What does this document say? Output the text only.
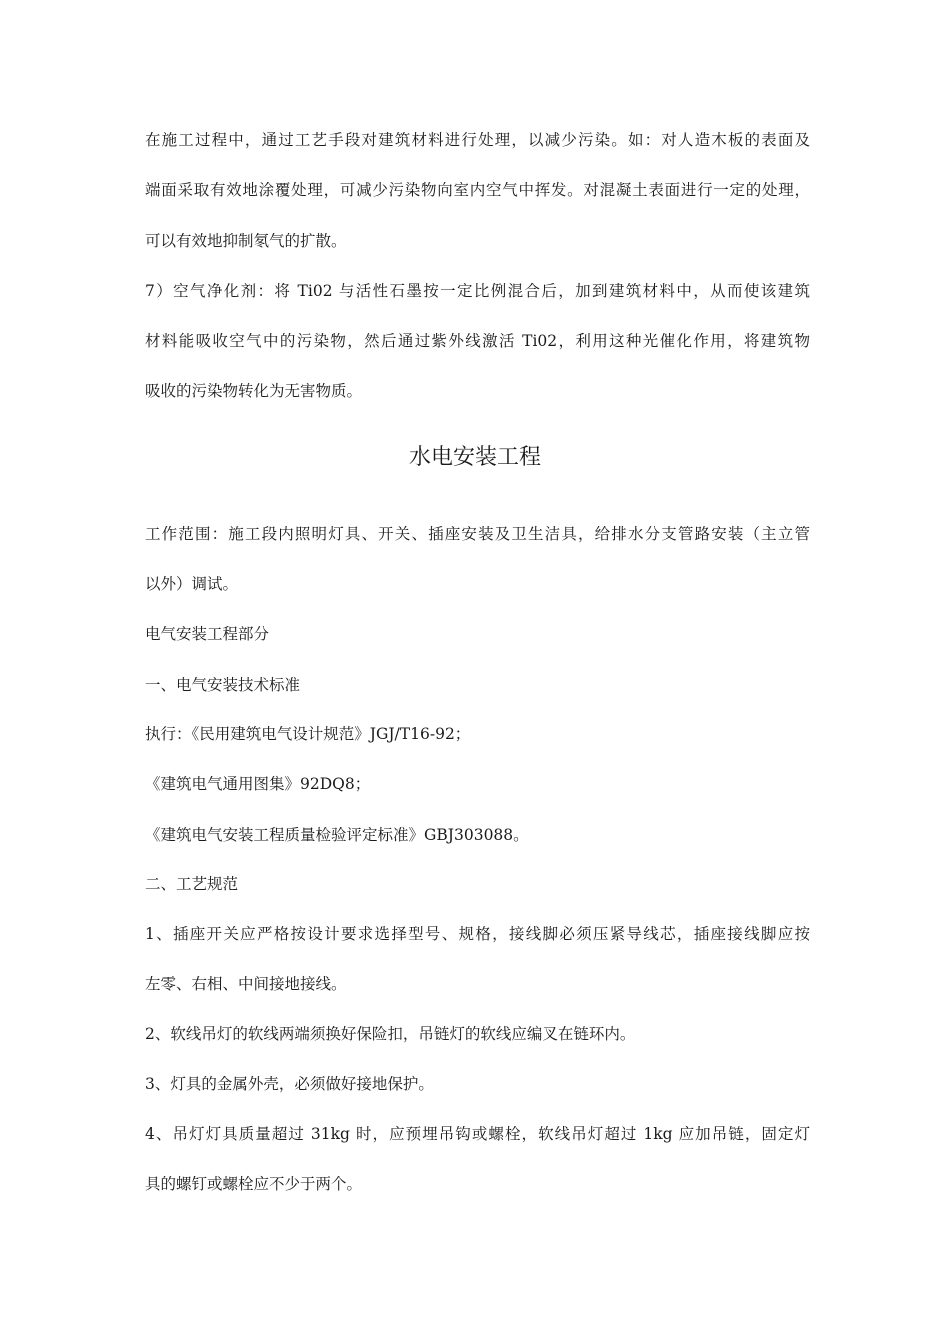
在施工过程中，通过工艺手段对建筑材料进行处理，以减少污染。如：对人造木板的表面及
端面采取有效地涂覆处理，可减少污染物向室内空气中挥发。对混凝土表面进行一定的处理，
可以有效地抑制氡气的扩散。
7）空气净化剂：将 Ti02 与活性石墨按一定比例混合后，加到建筑材料中，从而使该建筑
材料能吸收空气中的污染物，然后通过紫外线激活 Ti02，利用这种光催化作用，将建筑物
吸收的污染物转化为无害物质。
水电安装工程
工作范围：施工段内照明灯具、开关、插座安装及卫生洁具，给排水分支管路安装（主立管
以外）调试。
电气安装工程部分
一、电气安装技术标准
执行：《民用建筑电气设计规范》JGJ/T16-92；
《建筑电气通用图集》92DQ8；
《建筑电气安装工程质量检验评定标准》GBJ303088。
二、工艺规范
1、插座开关应严格按设计要求选择型号、规格，接线脚必须压紧导线芯，插座接线脚应按
左零、右相、中间接地接线。
2、软线吊灯的软线两端须换好保险扣，吊链灯的软线应编叉在链环内。
3、灯具的金属外壳，必须做好接地保护。
4、吊灯灯具质量超过 31kg 时，应预埋吊钩或螺栓，软线吊灯超过 1kg 应加吊链，固定灯
具的螺钉或螺栓应不少于两个。
